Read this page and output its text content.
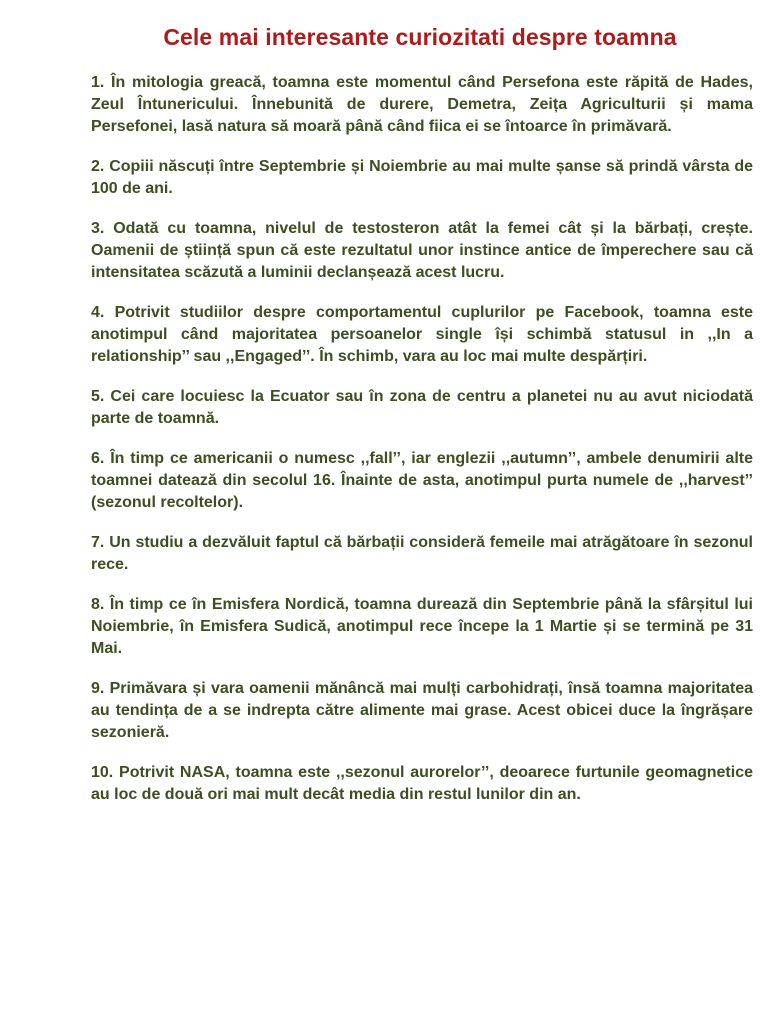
Cele mai interesante curiozitati despre toamna
1. În mitologia greacă, toamna este momentul când Persefona este răpită de Hades, Zeul Întunericului. Înnebunită de durere, Demetra, Zeița Agriculturii și mama Persefonei, lasă natura să moară până când fiica ei se întoarce în primăvară.
2. Copiii născuți între Septembrie și Noiembrie au mai multe șanse să prindă vârsta de 100 de ani.
3. Odată cu toamna, nivelul de testosteron atât la femei cât și la bărbați, crește. Oamenii de știință spun că este rezultatul unor instince antice de împerechere sau că intensitatea scăzută a luminii declanșează acest lucru.
4. Potrivit studiilor despre comportamentul cuplurilor pe Facebook, toamna este anotimpul când majoritatea persoanelor single își schimbă statusul in ,,In a relationship’’ sau ,,Engaged’’. În schimb, vara au loc mai multe despărțiri.
5. Cei care locuiesc la Ecuator sau în zona de centru a planetei nu au avut niciodată parte de toamnă.
6. În timp ce americanii o numesc ,,fall’’, iar englezii ,,autumn’’, ambele denumirii alte toamnei datează din secolul 16. Înainte de asta, anotimpul purta numele de ,,harvest’’ (sezonul recoltelor).
7. Un studiu a dezvăluit faptul că bărbații consideră femeile mai atrăgătoare în sezonul rece.
8. În timp ce în Emisfera Nordică, toamna durează din Septembrie până la sfârșitul lui Noiembrie, în Emisfera Sudică, anotimpul rece începe la 1 Martie și se termină pe 31 Mai.
9. Primăvara și vara oamenii mănâncă mai mulți carbohidrați, însă toamna majoritatea au tendința de a se indrepta către alimente mai grase. Acest obicei duce la îngrășare sezonieră.
10. Potrivit NASA, toamna este ,,sezonul aurorelor’’, deoarece furtunile geomagnetice au loc de două ori mai mult decât media din restul lunilor din an.
